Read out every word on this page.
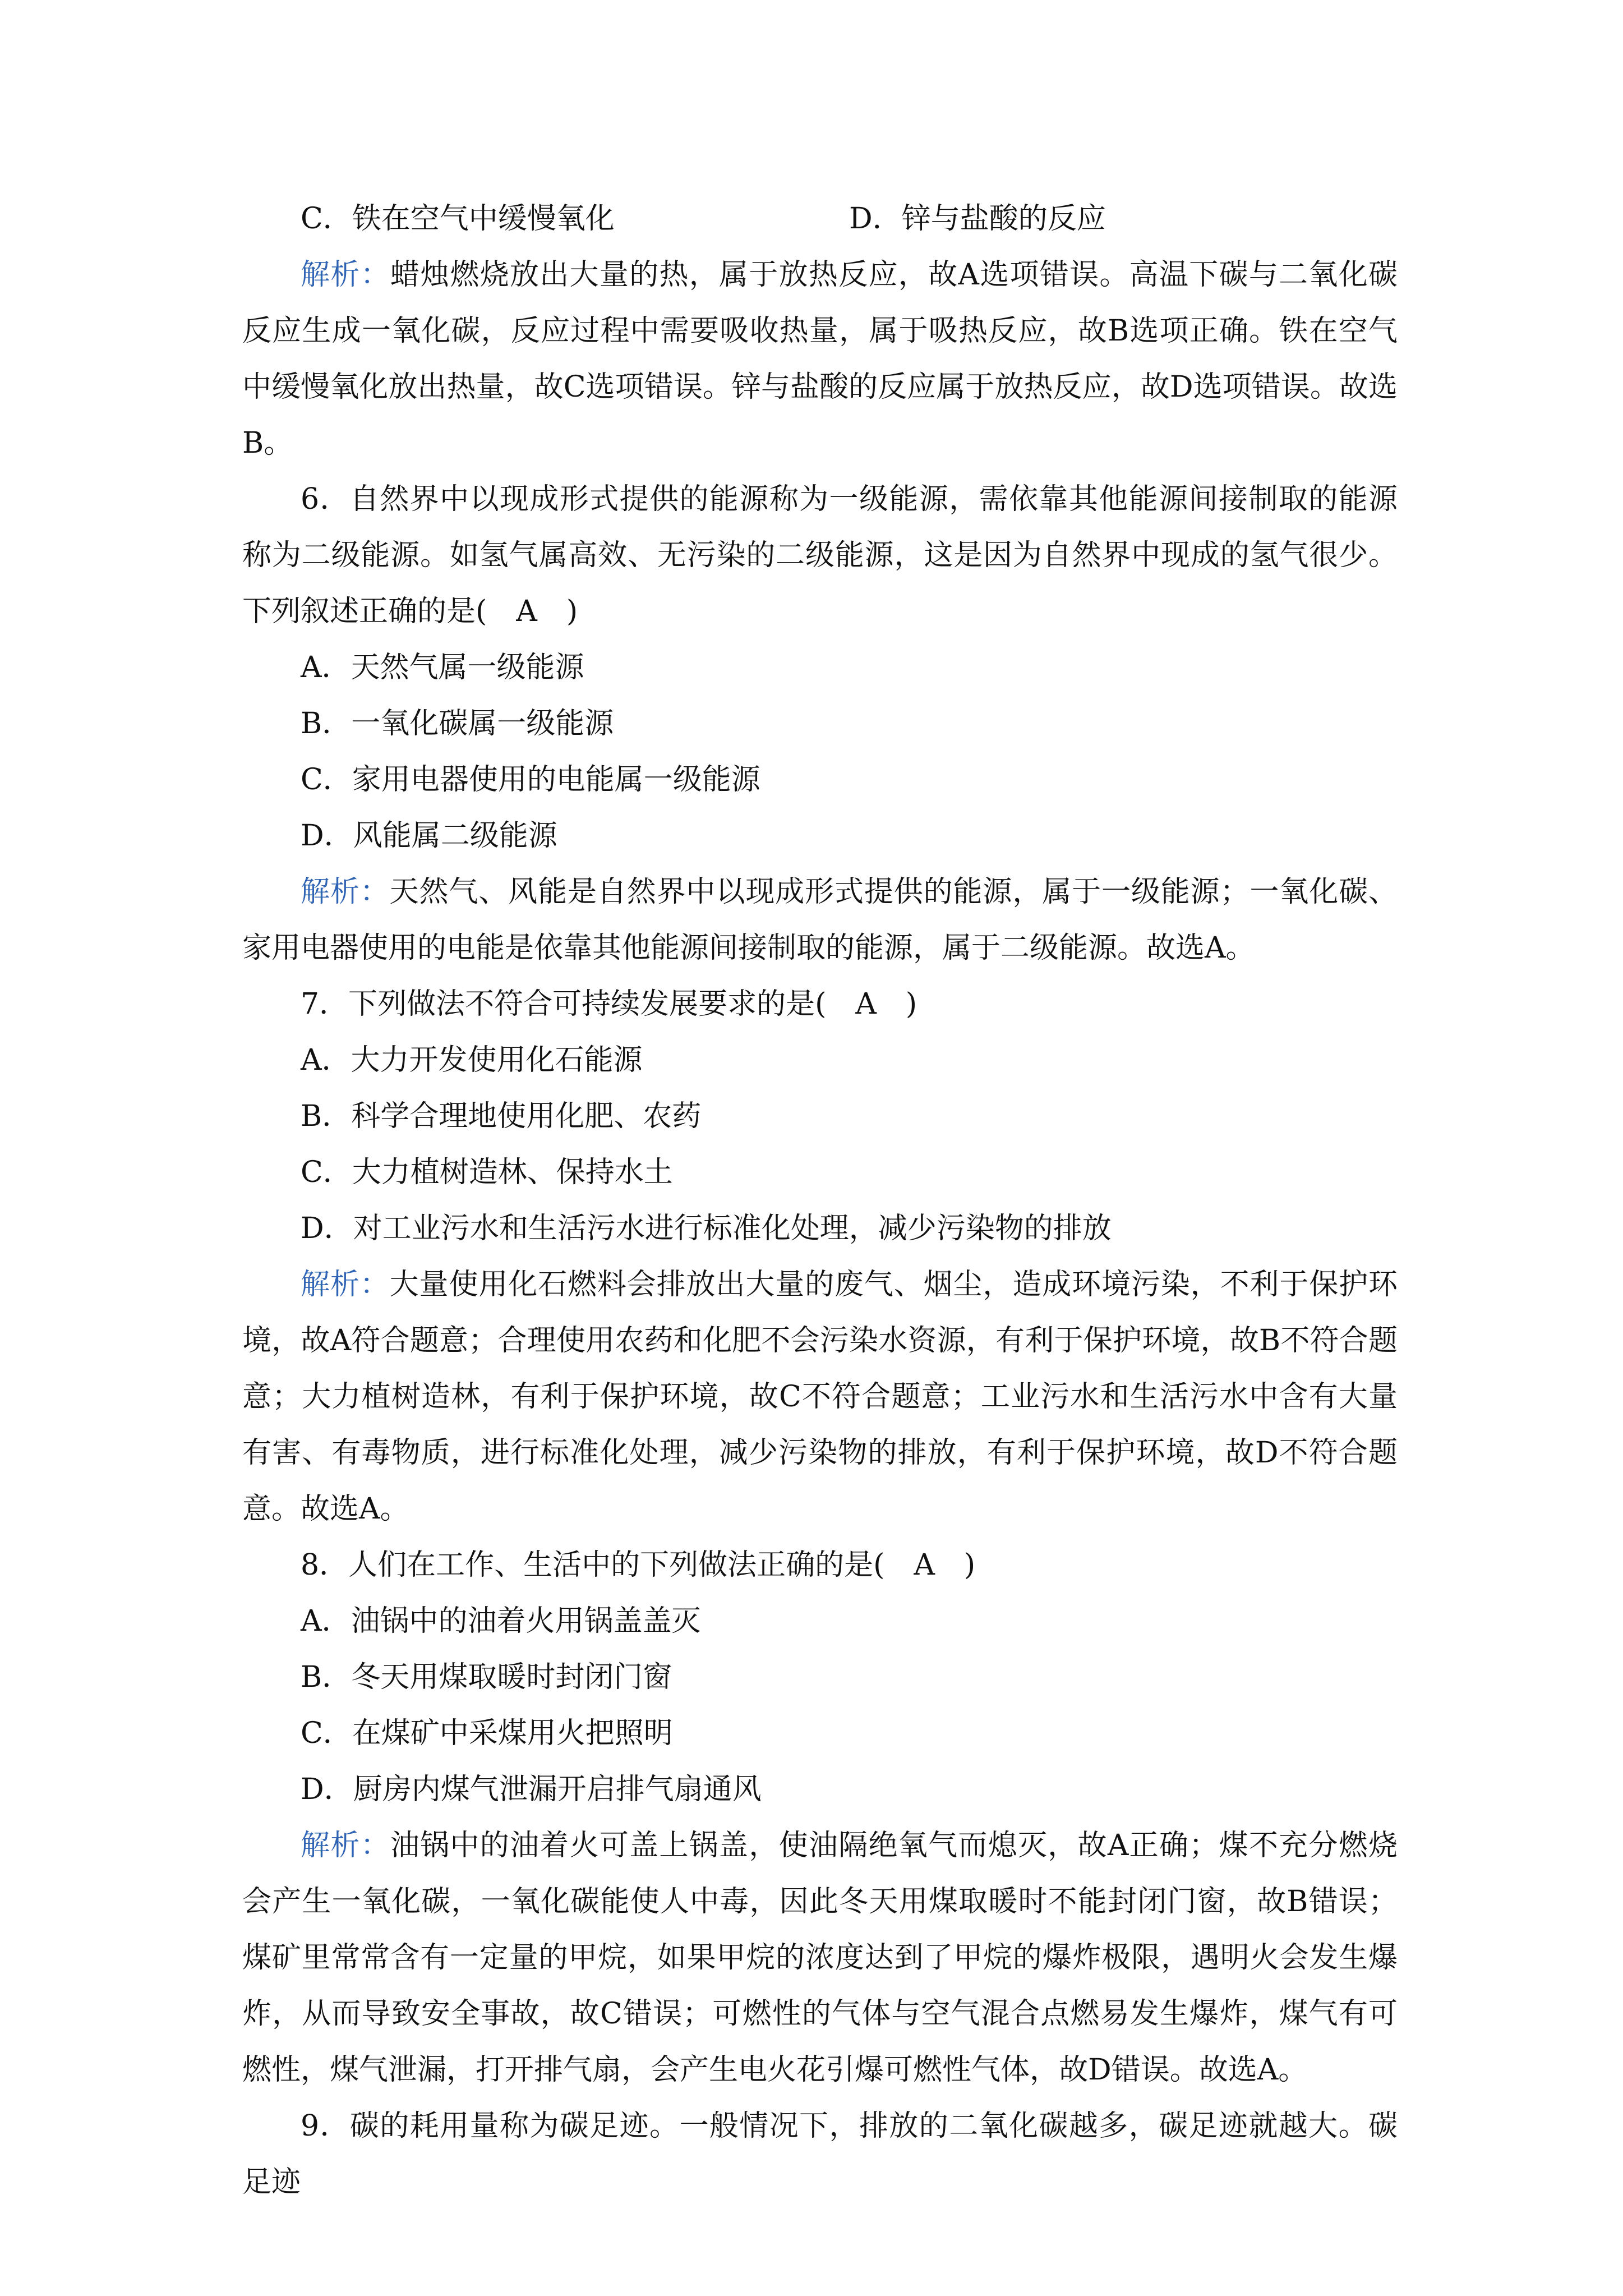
C．铁在空气中缓慢氧化	D．锌与盐酸的反应

解析：蜡烛燃烧放出大量的热，属于放热反应，故A选项错误。高温下碳与二氧化碳反应生成一氧化碳，反应过程中需要吸收热量，属于吸热反应，故B选项正确。铁在空气中缓慢氧化放出热量，故C选项错误。锌与盐酸的反应属于放热反应，故D选项错误。故选B。

6．自然界中以现成形式提供的能源称为一级能源，需依靠其他能源间接制取的能源称为二级能源。如氢气属高效、无污染的二级能源，这是因为自然界中现成的氢气很少。下列叙述正确的是(　A　)

A．天然气属一级能源

B．一氧化碳属一级能源

C．家用电器使用的电能属一级能源

D．风能属二级能源

解析：天然气、风能是自然界中以现成形式提供的能源，属于一级能源；一氧化碳、家用电器使用的电能是依靠其他能源间接制取的能源，属于二级能源。故选A。

7．下列做法不符合可持续发展要求的是(　A　)

A．大力开发使用化石能源

B．科学合理地使用化肥、农药

C．大力植树造林、保持水土

D．对工业污水和生活污水进行标准化处理，减少污染物的排放

解析：大量使用化石燃料会排放出大量的废气、烟尘，造成环境污染，不利于保护环境，故A符合题意；合理使用农药和化肥不会污染水资源，有利于保护环境，故B不符合题意；大力植树造林，有利于保护环境，故C不符合题意；工业污水和生活污水中含有大量有害、有毒物质，进行标准化处理，减少污染物的排放，有利于保护环境，故D不符合题意。故选A。

8．人们在工作、生活中的下列做法正确的是(　A　)

A．油锅中的油着火用锅盖盖灭

B．冬天用煤取暖时封闭门窗

C．在煤矿中采煤用火把照明

D．厨房内煤气泄漏开启排气扇通风

解析：油锅中的油着火可盖上锅盖，使油隔绝氧气而熄灭，故A正确；煤不充分燃烧会产生一氧化碳，一氧化碳能使人中毒，因此冬天用煤取暖时不能封闭门窗，故B错误；煤矿里常常含有一定量的甲烷，如果甲烷的浓度达到了甲烷的爆炸极限，遇明火会发生爆炸，从而导致安全事故，故C错误；可燃性的气体与空气混合点燃易发生爆炸，煤气有可燃性，煤气泄漏，打开排气扇，会产生电火花引爆可燃性气体，故D错误。故选A。

9．碳的耗用量称为碳足迹。一般情况下，排放的二氧化碳越多，碳足迹就越大。碳足迹
